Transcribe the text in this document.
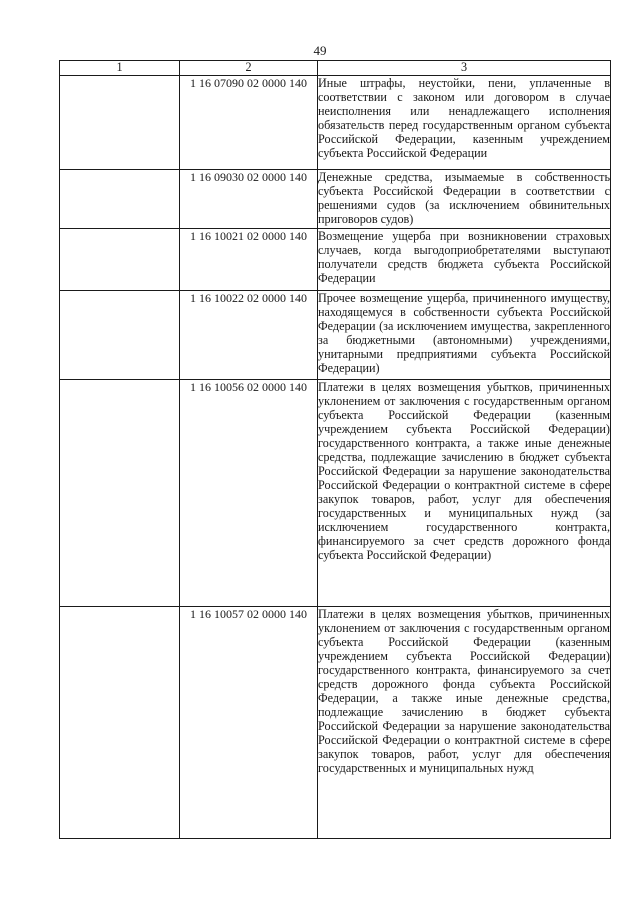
49
1	2	3
	1 16 07090 02 0000 140	Иные штрафы, неустойки, пени, уплаченные в соответствии с законом или договором в случае неисполнения или ненадлежащего исполнения обязательств перед государственным органом субъекта Российской Федерации, казенным учреждением субъекта Российской Федерации
	1 16 09030 02 0000 140	Денежные средства, изымаемые в собственность субъекта Российской Федерации в соответствии с решениями судов (за исключением обвинительных приговоров судов)
	1 16 10021 02 0000 140	Возмещение ущерба при возникновении страховых случаев, когда выгодоприобретателями выступают получатели средств бюджета субъекта Российской Федерации
	1 16 10022 02 0000 140	Прочее возмещение ущерба, причиненного имуществу, находящемуся в собственности субъекта Российской Федерации (за исключением имущества, закрепленного за бюджетными (автономными) учреждениями, унитарными предприятиями субъекта Российской Федерации)
	1 16 10056 02 0000 140	Платежи в целях возмещения убытков, причиненных уклонением от заключения с государственным органом субъекта Российской Федерации (казенным учреждением субъекта Российской Федерации) государственного контракта, а также иные денежные средства, подлежащие зачислению в бюджет субъекта Российской Федерации за нарушение законодательства Российской Федерации о контрактной системе в сфере закупок товаров, работ, услуг для обеспечения государственных и муниципальных нужд (за исключением государственного контракта, финансируемого за счет средств дорожного фонда субъекта Российской Федерации)
	1 16 10057 02 0000 140	Платежи в целях возмещения убытков, причиненных уклонением от заключения с государственным органом субъекта Российской Федерации (казенным учреждением субъекта Российской Федерации) государственного контракта, финансируемого за счет средств дорожного фонда субъекта Российской Федерации, а также иные денежные средства, подлежащие зачислению в бюджет субъекта Российской Федерации за нарушение законодательства Российской Федерации о контрактной системе в сфере закупок товаров, работ, услуг для обеспечения государственных и муниципальных нужд
